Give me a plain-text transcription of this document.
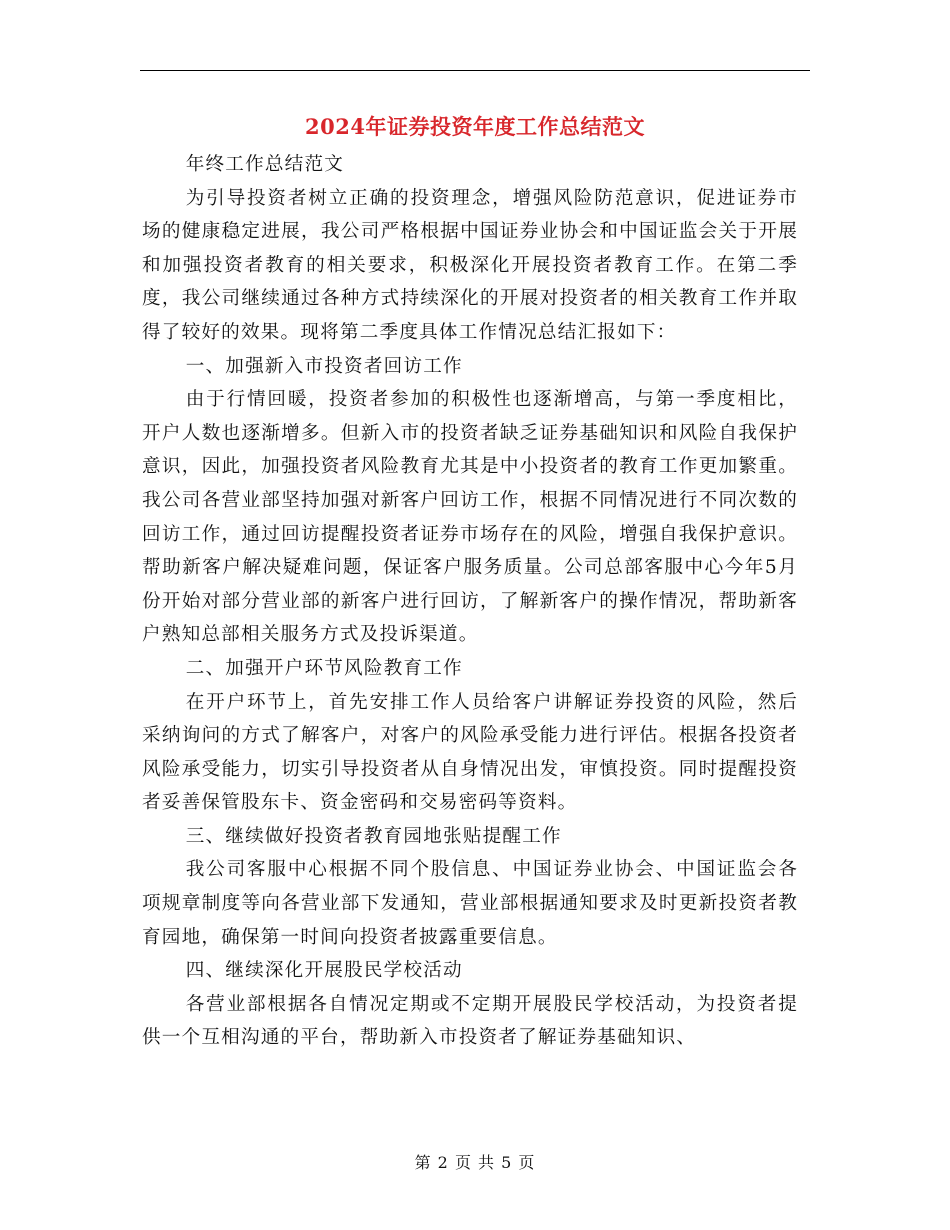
2024年证券投资年度工作总结范文

年终工作总结范文

为引导投资者树立正确的投资理念，增强风险防范意识，促进证券市场的健康稳定进展，我公司严格根据中国证券业协会和中国证监会关于开展和加强投资者教育的相关要求，积极深化开展投资者教育工作。在第二季度，我公司继续通过各种方式持续深化的开展对投资者的相关教育工作并取得了较好的效果。现将第二季度具体工作情况总结汇报如下：

一、加强新入市投资者回访工作

由于行情回暖，投资者参加的积极性也逐渐增高，与第一季度相比，开户人数也逐渐增多。但新入市的投资者缺乏证券基础知识和风险自我保护意识，因此，加强投资者风险教育尤其是中小投资者的教育工作更加繁重。我公司各营业部坚持加强对新客户回访工作，根据不同情况进行不同次数的回访工作，通过回访提醒投资者证券市场存在的风险，增强自我保护意识。帮助新客户解决疑难问题，保证客户服务质量。公司总部客服中心今年5月份开始对部分营业部的新客户进行回访，了解新客户的操作情况，帮助新客户熟知总部相关服务方式及投诉渠道。

二、加强开户环节风险教育工作

在开户环节上，首先安排工作人员给客户讲解证券投资的风险，然后采纳询问的方式了解客户，对客户的风险承受能力进行评估。根据各投资者风险承受能力，切实引导投资者从自身情况出发，审慎投资。同时提醒投资者妥善保管股东卡、资金密码和交易密码等资料。

三、继续做好投资者教育园地张贴提醒工作

我公司客服中心根据不同个股信息、中国证券业协会、中国证监会各项规章制度等向各营业部下发通知，营业部根据通知要求及时更新投资者教育园地，确保第一时间向投资者披露重要信息。

四、继续深化开展股民学校活动

各营业部根据各自情况定期或不定期开展股民学校活动，为投资者提供一个互相沟通的平台，帮助新入市投资者了解证券基础知识、

第 2 页 共 5 页
